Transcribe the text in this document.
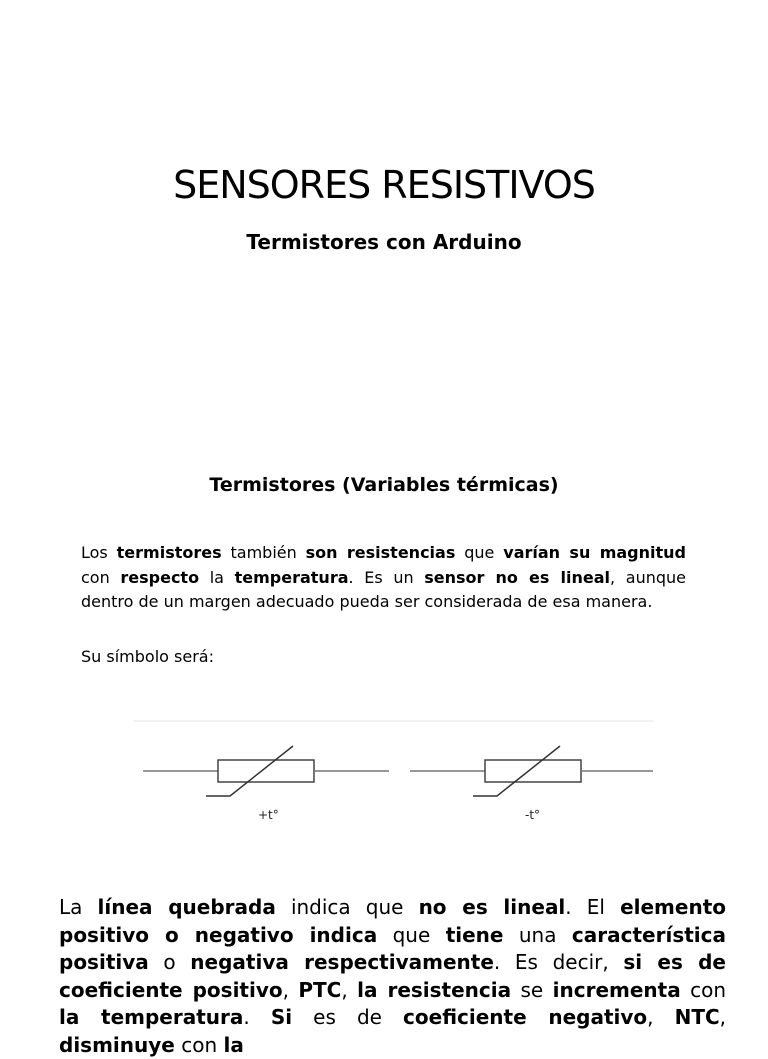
SENSORES RESISTIVOS
Termistores con Arduino
Termistores (Variables térmicas)

Los termistores también son resistencias que varían su magnitud con respecto la temperatura. Es un sensor no es lineal, aunque dentro de un margen adecuado pueda ser considerada de esa manera.

Su símbolo será:

+t°	-t°

La línea quebrada indica que no es lineal. El elemento positivo o negativo indica que tiene una característica positiva o negativa respectivamente. Es decir, si es de coeficiente positivo, PTC, la resistencia se incrementa con la temperatura. Si es de coeficiente negativo, NTC, disminuye con la
